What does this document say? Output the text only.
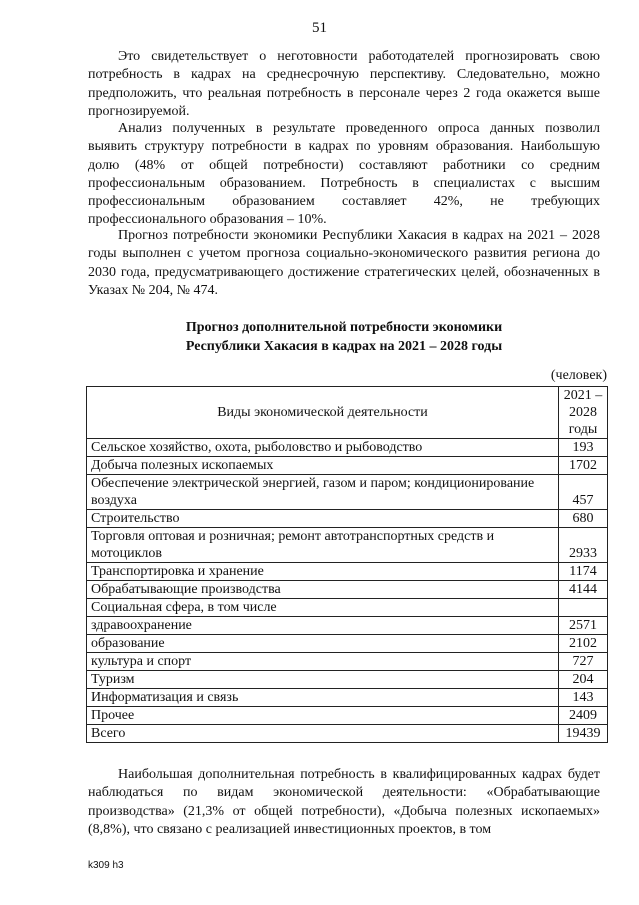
51

Это свидетельствует о неготовности работодателей прогнозировать свою потребность в кадрах на среднесрочную перспективу. Следовательно, можно предположить, что реальная потребность в персонале через 2 года окажется выше прогнозируемой.

Анализ полученных в результате проведенного опроса данных позволил выявить структуру потребности в кадрах по уровням образования. Наибольшую долю (48% от общей потребности) составляют работники со средним профессиональным образованием. Потребность в специалистах с высшим профессиональным образованием составляет 42%, не требующих профессионального образования – 10%.

Прогноз потребности экономики Республики Хакасия в кадрах на 2021 – 2028 годы выполнен с учетом прогноза социально-экономического развития региона до 2030 года, предусматривающего достижение стратегических целей, обозначенных в Указах № 204, № 474.

Прогноз дополнительной потребности экономики
Республики Хакасия в кадрах на 2021 – 2028 годы
(человек)
Виды экономической деятельности	2021 –
2028
годы

Сельское хозяйство, охота, рыболовство и рыбоводство	193
Добыча полезных ископаемых	1702
Обеспечение электрической энергией, газом и паром; кондиционирование воздуха	457
Строительство	680
Торговля оптовая и розничная; ремонт автотранспортных средств и мотоциклов	2933
Транспортировка и хранение	1174
Обрабатывающие производства	4144
Социальная сфера, в том числе	
здравоохранение	2571
образование	2102
культура и спорт	727
Туризм	204
Информатизация и связь	143
Прочее	2409
Всего	19439

Наибольшая дополнительная потребность в квалифицированных кадрах будет наблюдаться по видам экономической деятельности: «Обрабатывающие производства» (21,3% от общей потребности), «Добыча полезных ископаемых» (8,8%), что связано с реализацией инвестиционных проектов, в том

k309 h3
